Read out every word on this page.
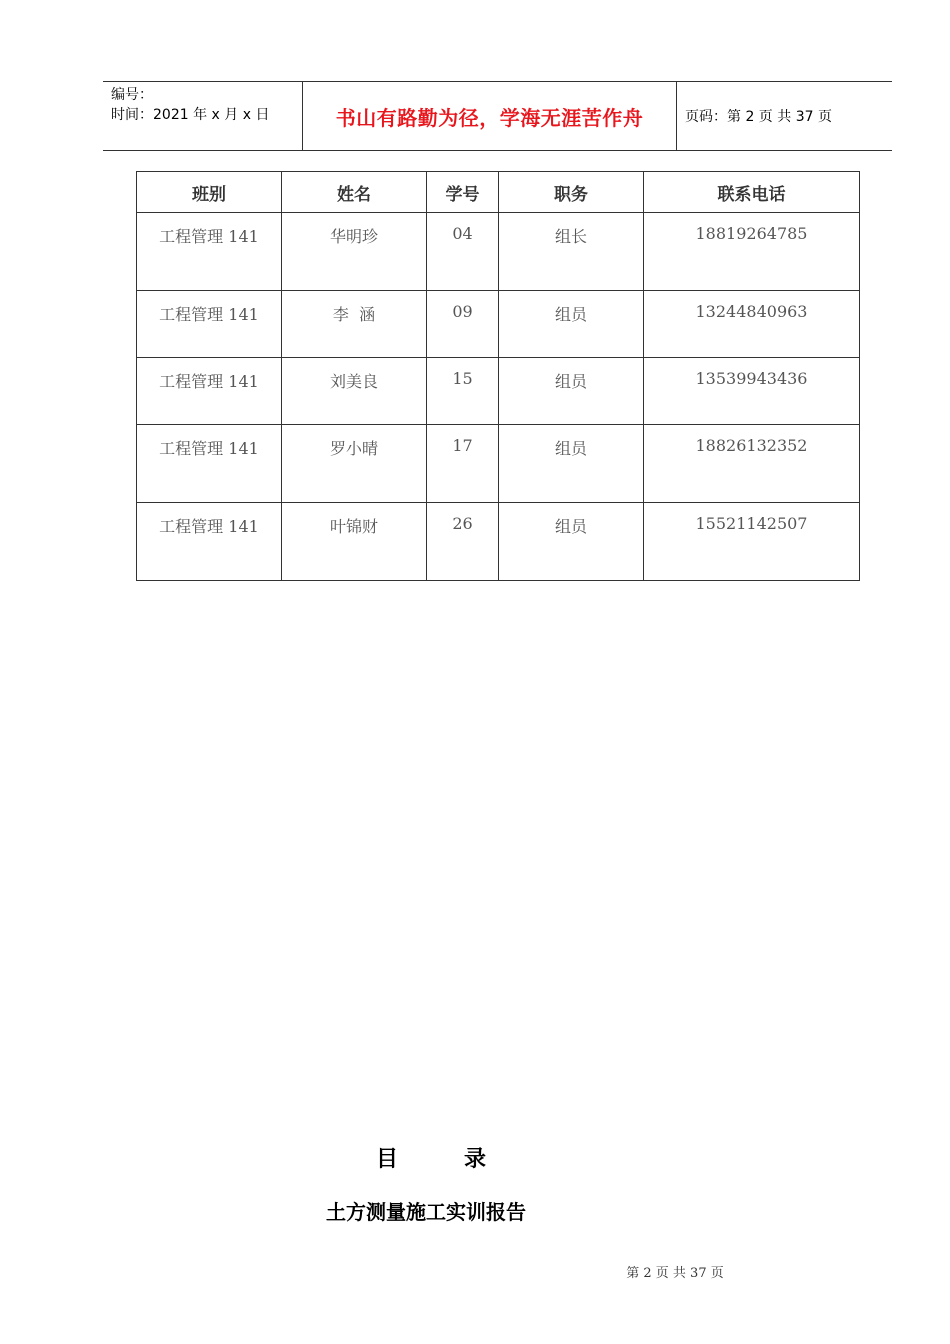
编号：
时间：2021 年 x 月 x 日	书山有路勤为径，学海无涯苦作舟	页码：第 2 页 共 37 页
班别	姓名	学号	职务	联系电话
工程管理 141	华明珍	04	组长	18819264785
工程管理 141	李  涵	09	组员	13244840963
工程管理 141	刘美良	15	组员	13539943436
工程管理 141	罗小晴	17	组员	18826132352
工程管理 141	叶锦财	26	组员	15521142507
目	录
土方测量施工实训报告
第 2 页 共 37 页
